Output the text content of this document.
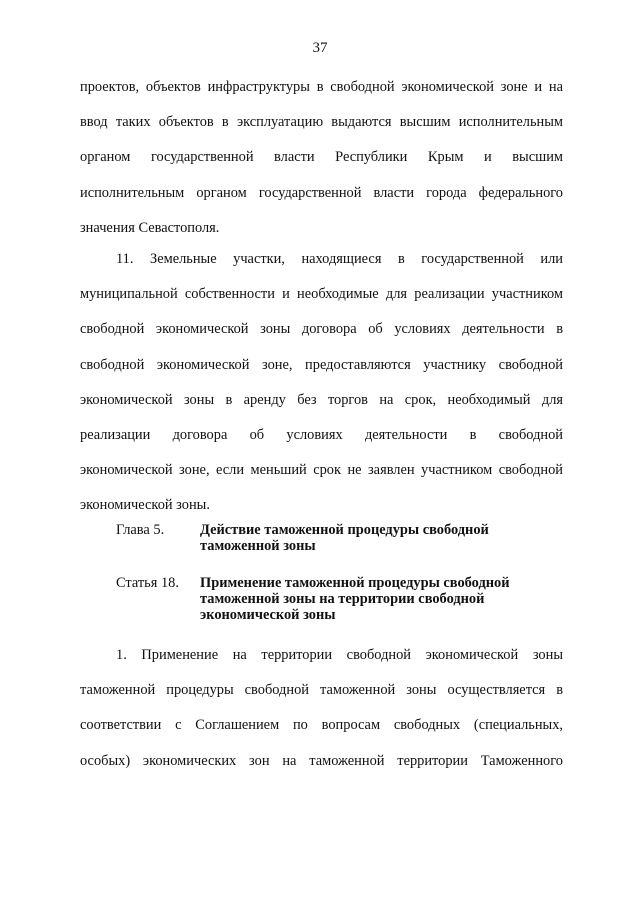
37
проектов, объектов инфраструктуры в свободной экономической зоне и на
ввод таких объектов в эксплуатацию выдаются высшим исполнительным
органом государственной власти Республики Крым и высшим
исполнительным органом государственной власти города федерального
значения Севастополя.
11. Земельные участки, находящиеся в государственной или
муниципальной собственности и необходимые для реализации участником
свободной экономической зоны договора об условиях деятельности в
свободной экономической зоне, предоставляются участнику свободной
экономической зоны в аренду без торгов на срок, необходимый для
реализации договора об условиях деятельности в свободной
экономической зоне, если меньший срок не заявлен участником свободной
экономической зоны.
Глава 5. Действие таможенной процедуры свободной
таможенной зоны
Статья 18. Применение таможенной процедуры свободной
таможенной зоны на территории свободной
экономической зоны
1. Применение на территории свободной экономической зоны
таможенной процедуры свободной таможенной зоны осуществляется в
соответствии с Соглашением по вопросам свободных (специальных,
особых) экономических зон на таможенной территории Таможенного
